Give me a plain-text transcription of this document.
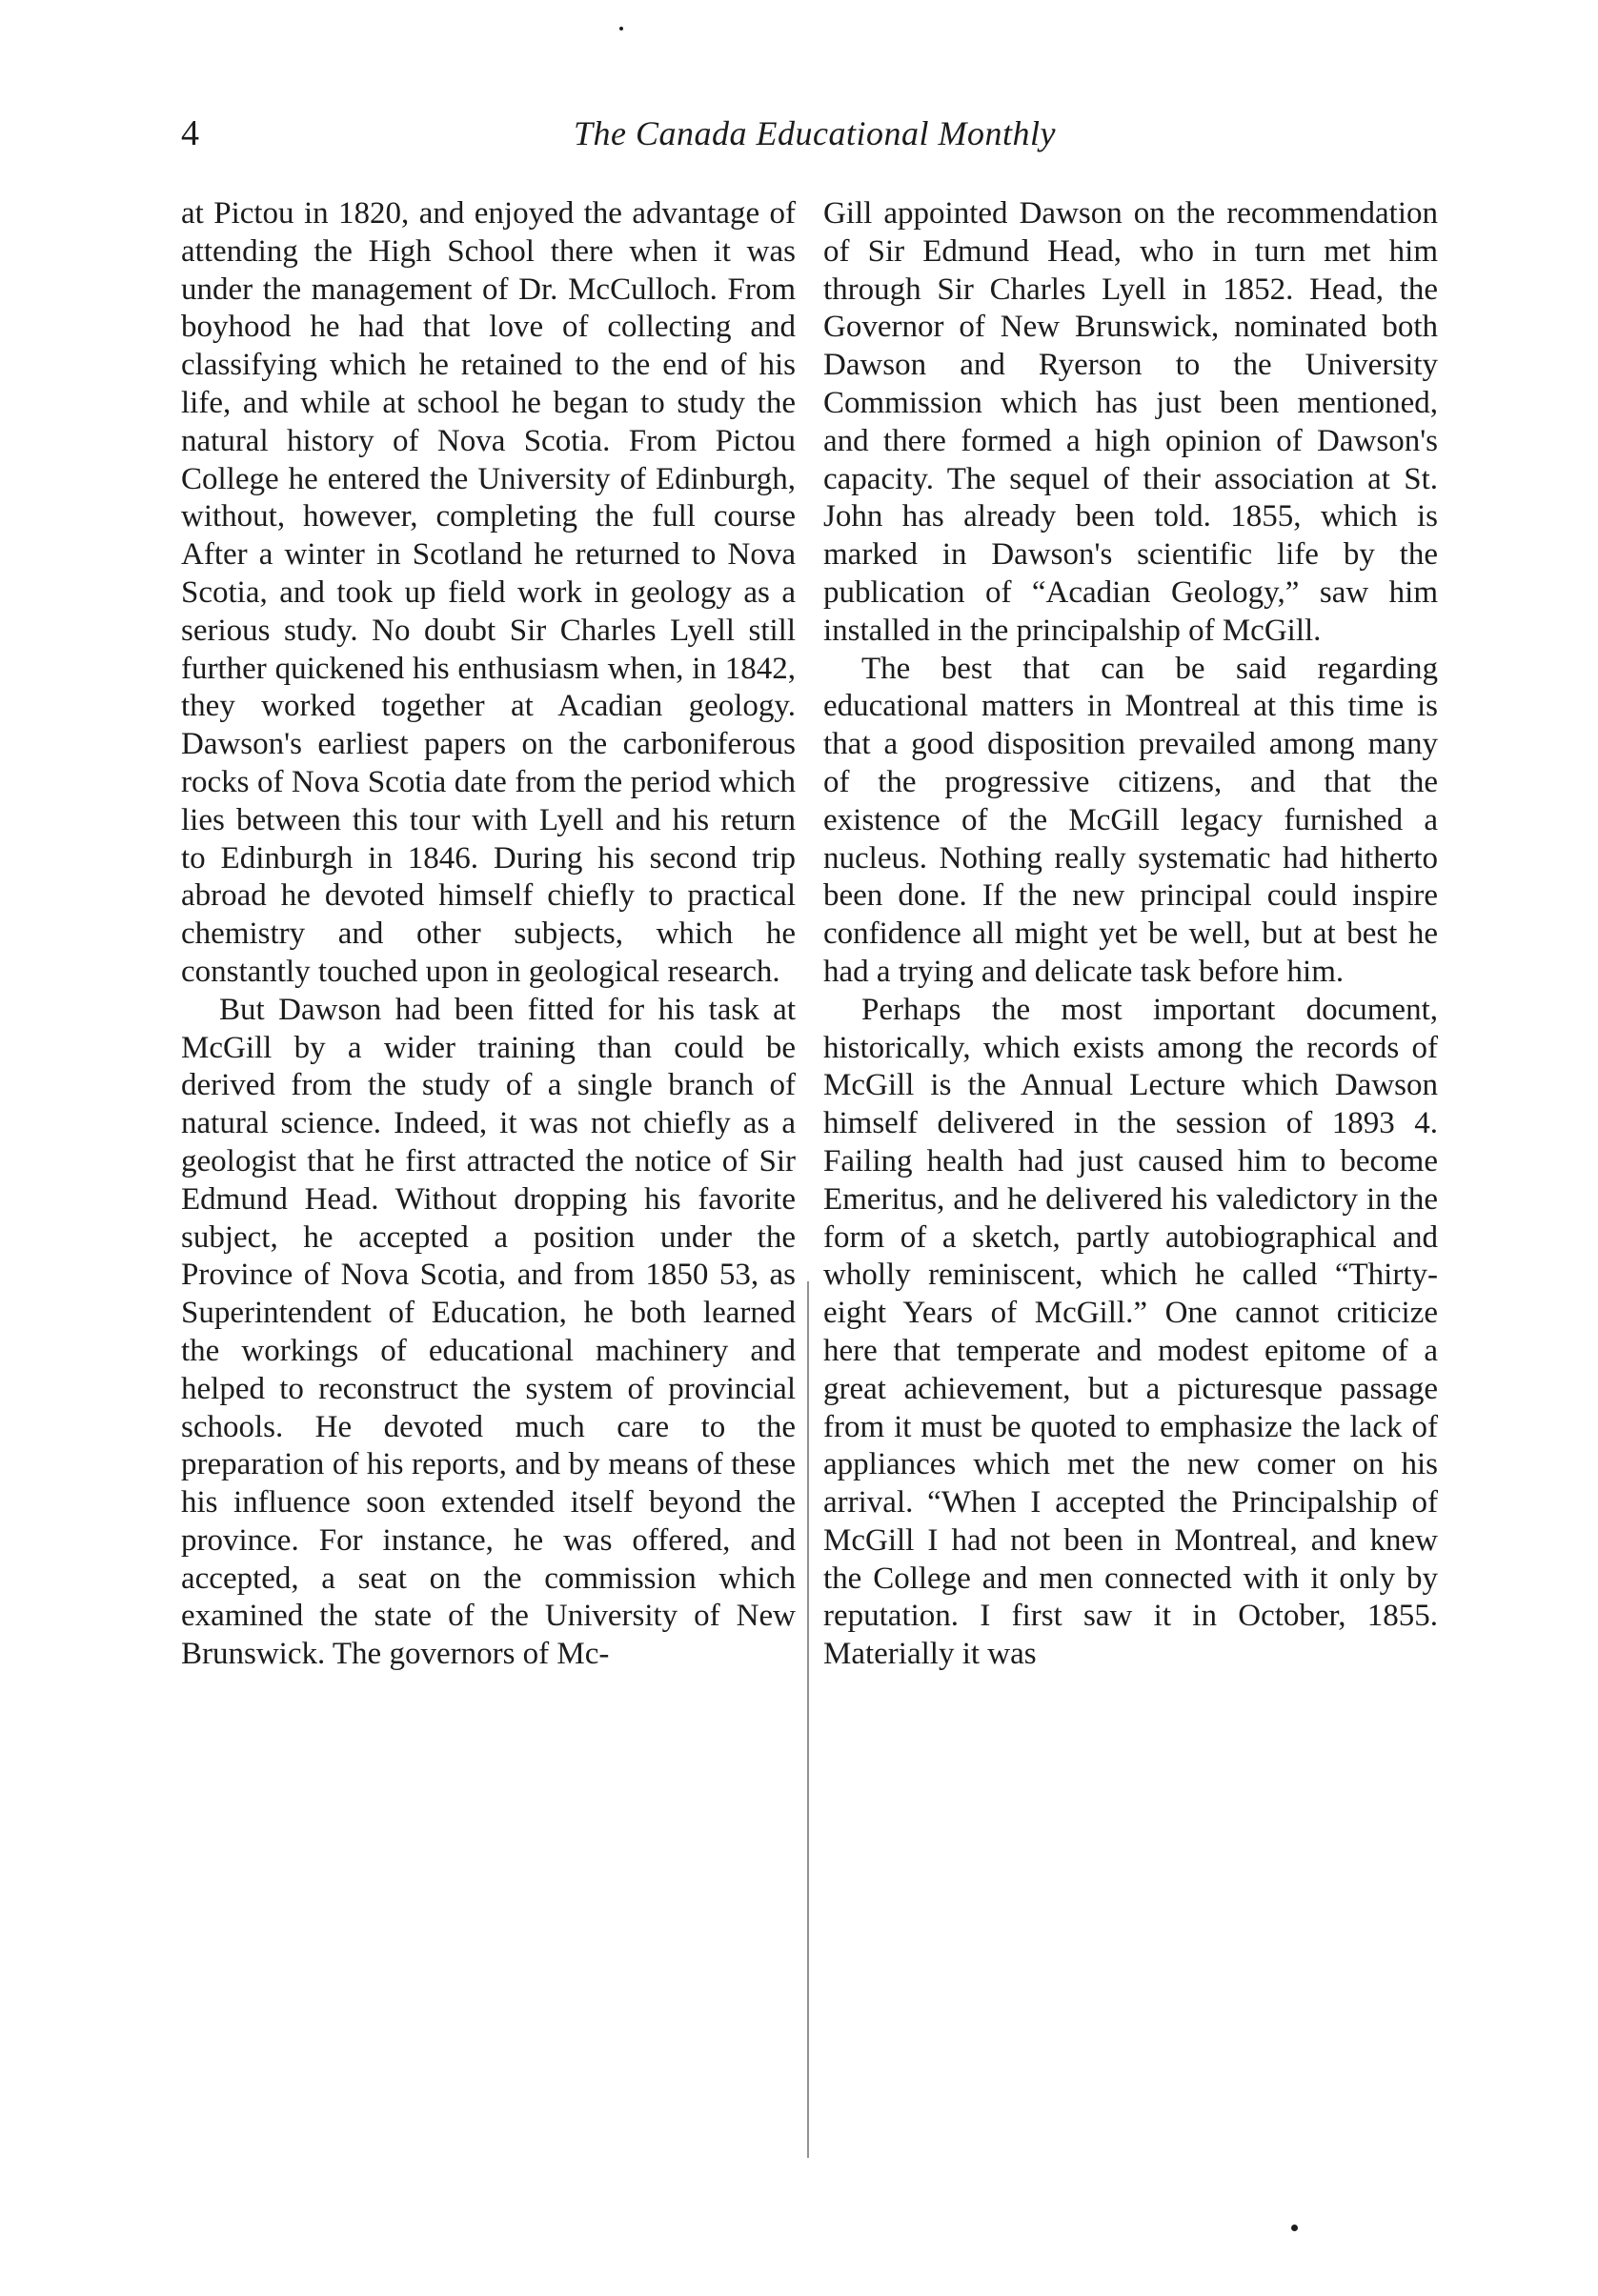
4	The Canada Educational Monthly

at Pictou in 1820, and enjoyed the advantage of attending the High School there when it was under the management of Dr. McCulloch. From boyhood he had that love of collecting and classifying which he retained to the end of his life, and while at school he began to study the natural history of Nova Scotia. From Pictou College he entered the University of Edinburgh, without, however, completing the full course After a winter in Scotland he returned to Nova Scotia, and took up field work in geology as a serious study. No doubt Sir Charles Lyell still further quickened his enthusiasm when, in 1842, they worked together at Acadian geology. Dawson's earliest papers on the carboniferous rocks of Nova Scotia date from the period which lies between this tour with Lyell and his return to Edinburgh in 1846. During his second trip abroad he devoted himself chiefly to practical chemistry and other subjects, which he constantly touched upon in geological research.

But Dawson had been fitted for his task at McGill by a wider training than could be derived from the study of a single branch of natural science. Indeed, it was not chiefly as a geologist that he first attracted the notice of Sir Edmund Head. Without dropping his favorite subject, he accepted a position under the Province of Nova Scotia, and from 1850 53, as Superintendent of Education, he both learned the workings of educational machinery and helped to reconstruct the system of provincial schools. He devoted much care to the preparation of his reports, and by means of these his influence soon extended itself beyond the province. For instance, he was offered, and accepted, a seat on the commission which examined the state of the University of New Brunswick. The governors of Mc-

Gill appointed Dawson on the recommendation of Sir Edmund Head, who in turn met him through Sir Charles Lyell in 1852. Head, the Governor of New Brunswick, nominated both Dawson and Ryerson to the University Commission which has just been mentioned, and there formed a high opinion of Dawson's capacity. The sequel of their association at St. John has already been told. 1855, which is marked in Dawson's scientific life by the publication of “Acadian Geology,” saw him installed in the principalship of McGill.

The best that can be said regarding educational matters in Montreal at this time is that a good disposition prevailed among many of the progressive citizens, and that the existence of the McGill legacy furnished a nucleus. Nothing really systematic had hitherto been done. If the new principal could inspire confidence all might yet be well, but at best he had a trying and delicate task before him.

Perhaps the most important document, historically, which exists among the records of McGill is the Annual Lecture which Dawson himself delivered in the session of 1893 4. Failing health had just caused him to become Emeritus, and he delivered his valedictory in the form of a sketch, partly autobiographical and wholly reminiscent, which he called “Thirty-eight Years of McGill.” One cannot criticize here that temperate and modest epitome of a great achievement, but a picturesque passage from it must be quoted to emphasize the lack of appliances which met the new comer on his arrival. “When I accepted the Principalship of McGill I had not been in Montreal, and knew the College and men connected with it only by reputation. I first saw it in October, 1855. Materially it was
